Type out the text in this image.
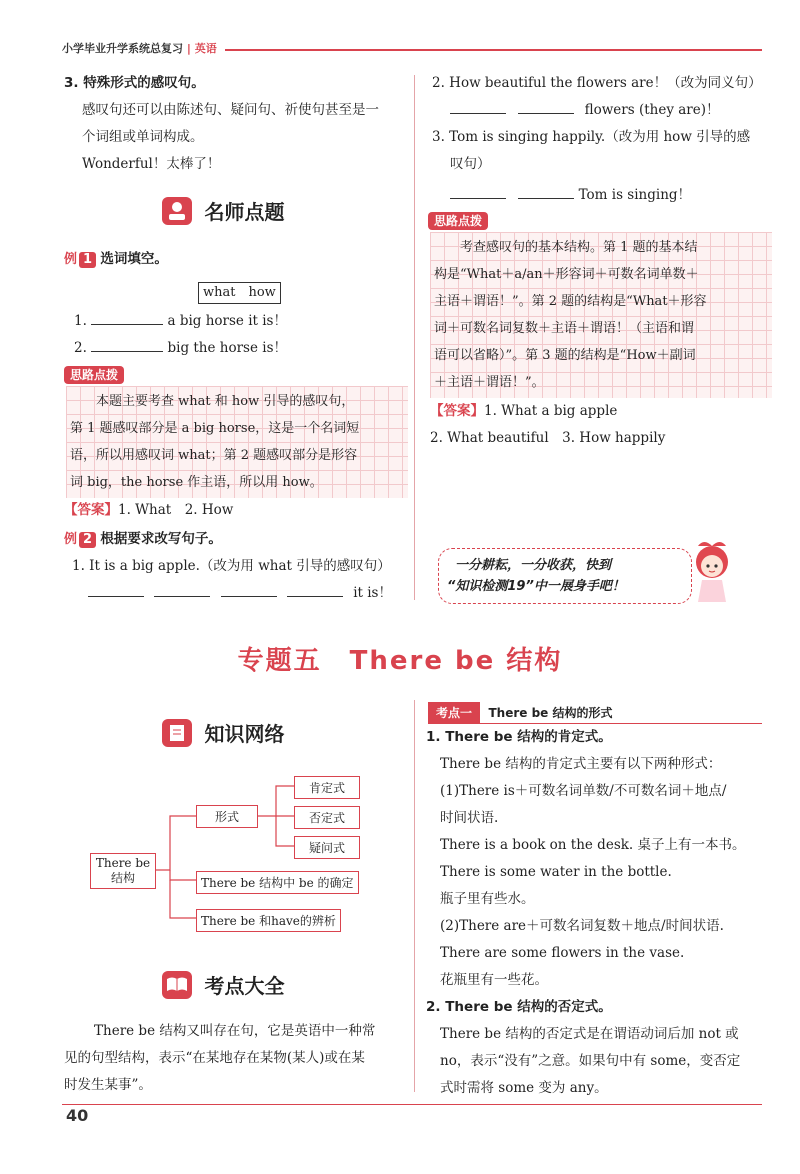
小学毕业升学系统总复习 | 英语
3. 特殊形式的感叹句。
感叹句还可以由陈述句、疑问句、祈使句甚至是一
个词组或单词构成。
Wonderful！太棒了！
名师点题
例 1 选词填空。
what　how
1.	a big horse it is！
2.	big the horse is！
思路点拨
本题主要考查 what 和 how 引导的感叹句，
第 1 题感叹部分是 a big horse，这是一个名词短
语，所以用感叹词 what；第 2 题感叹部分是形容
词 big，the horse 作主语，所以用 how。
【答案】1. What　2. How
例 2 根据要求改写句子。
1. It is a big apple.（改为用 what 引导的感叹句）
it is！
2. How beautiful the flowers are！（改为同义句）
flowers (they are)！
3. Tom is singing happily.（改为用 how 引导的感
叹句）
Tom is singing！
思路点拨
考查感叹句的基本结构。第 1 题的基本结
构是“What＋a/an＋形容词＋可数名词单数＋
主语＋谓语！”。第 2 题的结构是“What＋形容
词＋可数名词复数＋主语＋谓语！（主语和谓
语可以省略）”。第 3 题的结构是“How＋副词
＋主语＋谓语！”。
【答案】1. What a big apple
2. What beautiful　3. How happily
一分耕耘，一分收获，快到
“知识检测19”中一展身手吧！
专题五　There be 结构
知识网络
There be
结构
形式
肯定式
否定式
疑问式
There be 结构中 be 的确定
There be 和have的辨析
考点大全
There be 结构又叫存在句，它是英语中一种常
见的句型结构，表示“在某地存在某物(某人)或在某
时发生某事”。
考点一 There be 结构的形式
1. There be 结构的肯定式。
There be 结构的肯定式主要有以下两种形式：
(1)There is＋可数名词单数/不可数名词＋地点/
时间状语.
There is a book on the desk. 桌子上有一本书。
There is some water in the bottle.
瓶子里有些水。
(2)There are＋可数名词复数＋地点/时间状语.
There are some flowers in the vase.
花瓶里有一些花。
2. There be 结构的否定式。
There be 结构的否定式是在谓语动词后加 not 或
no，表示“没有”之意。如果句中有 some，变否定
式时需将 some 变为 any。
40
